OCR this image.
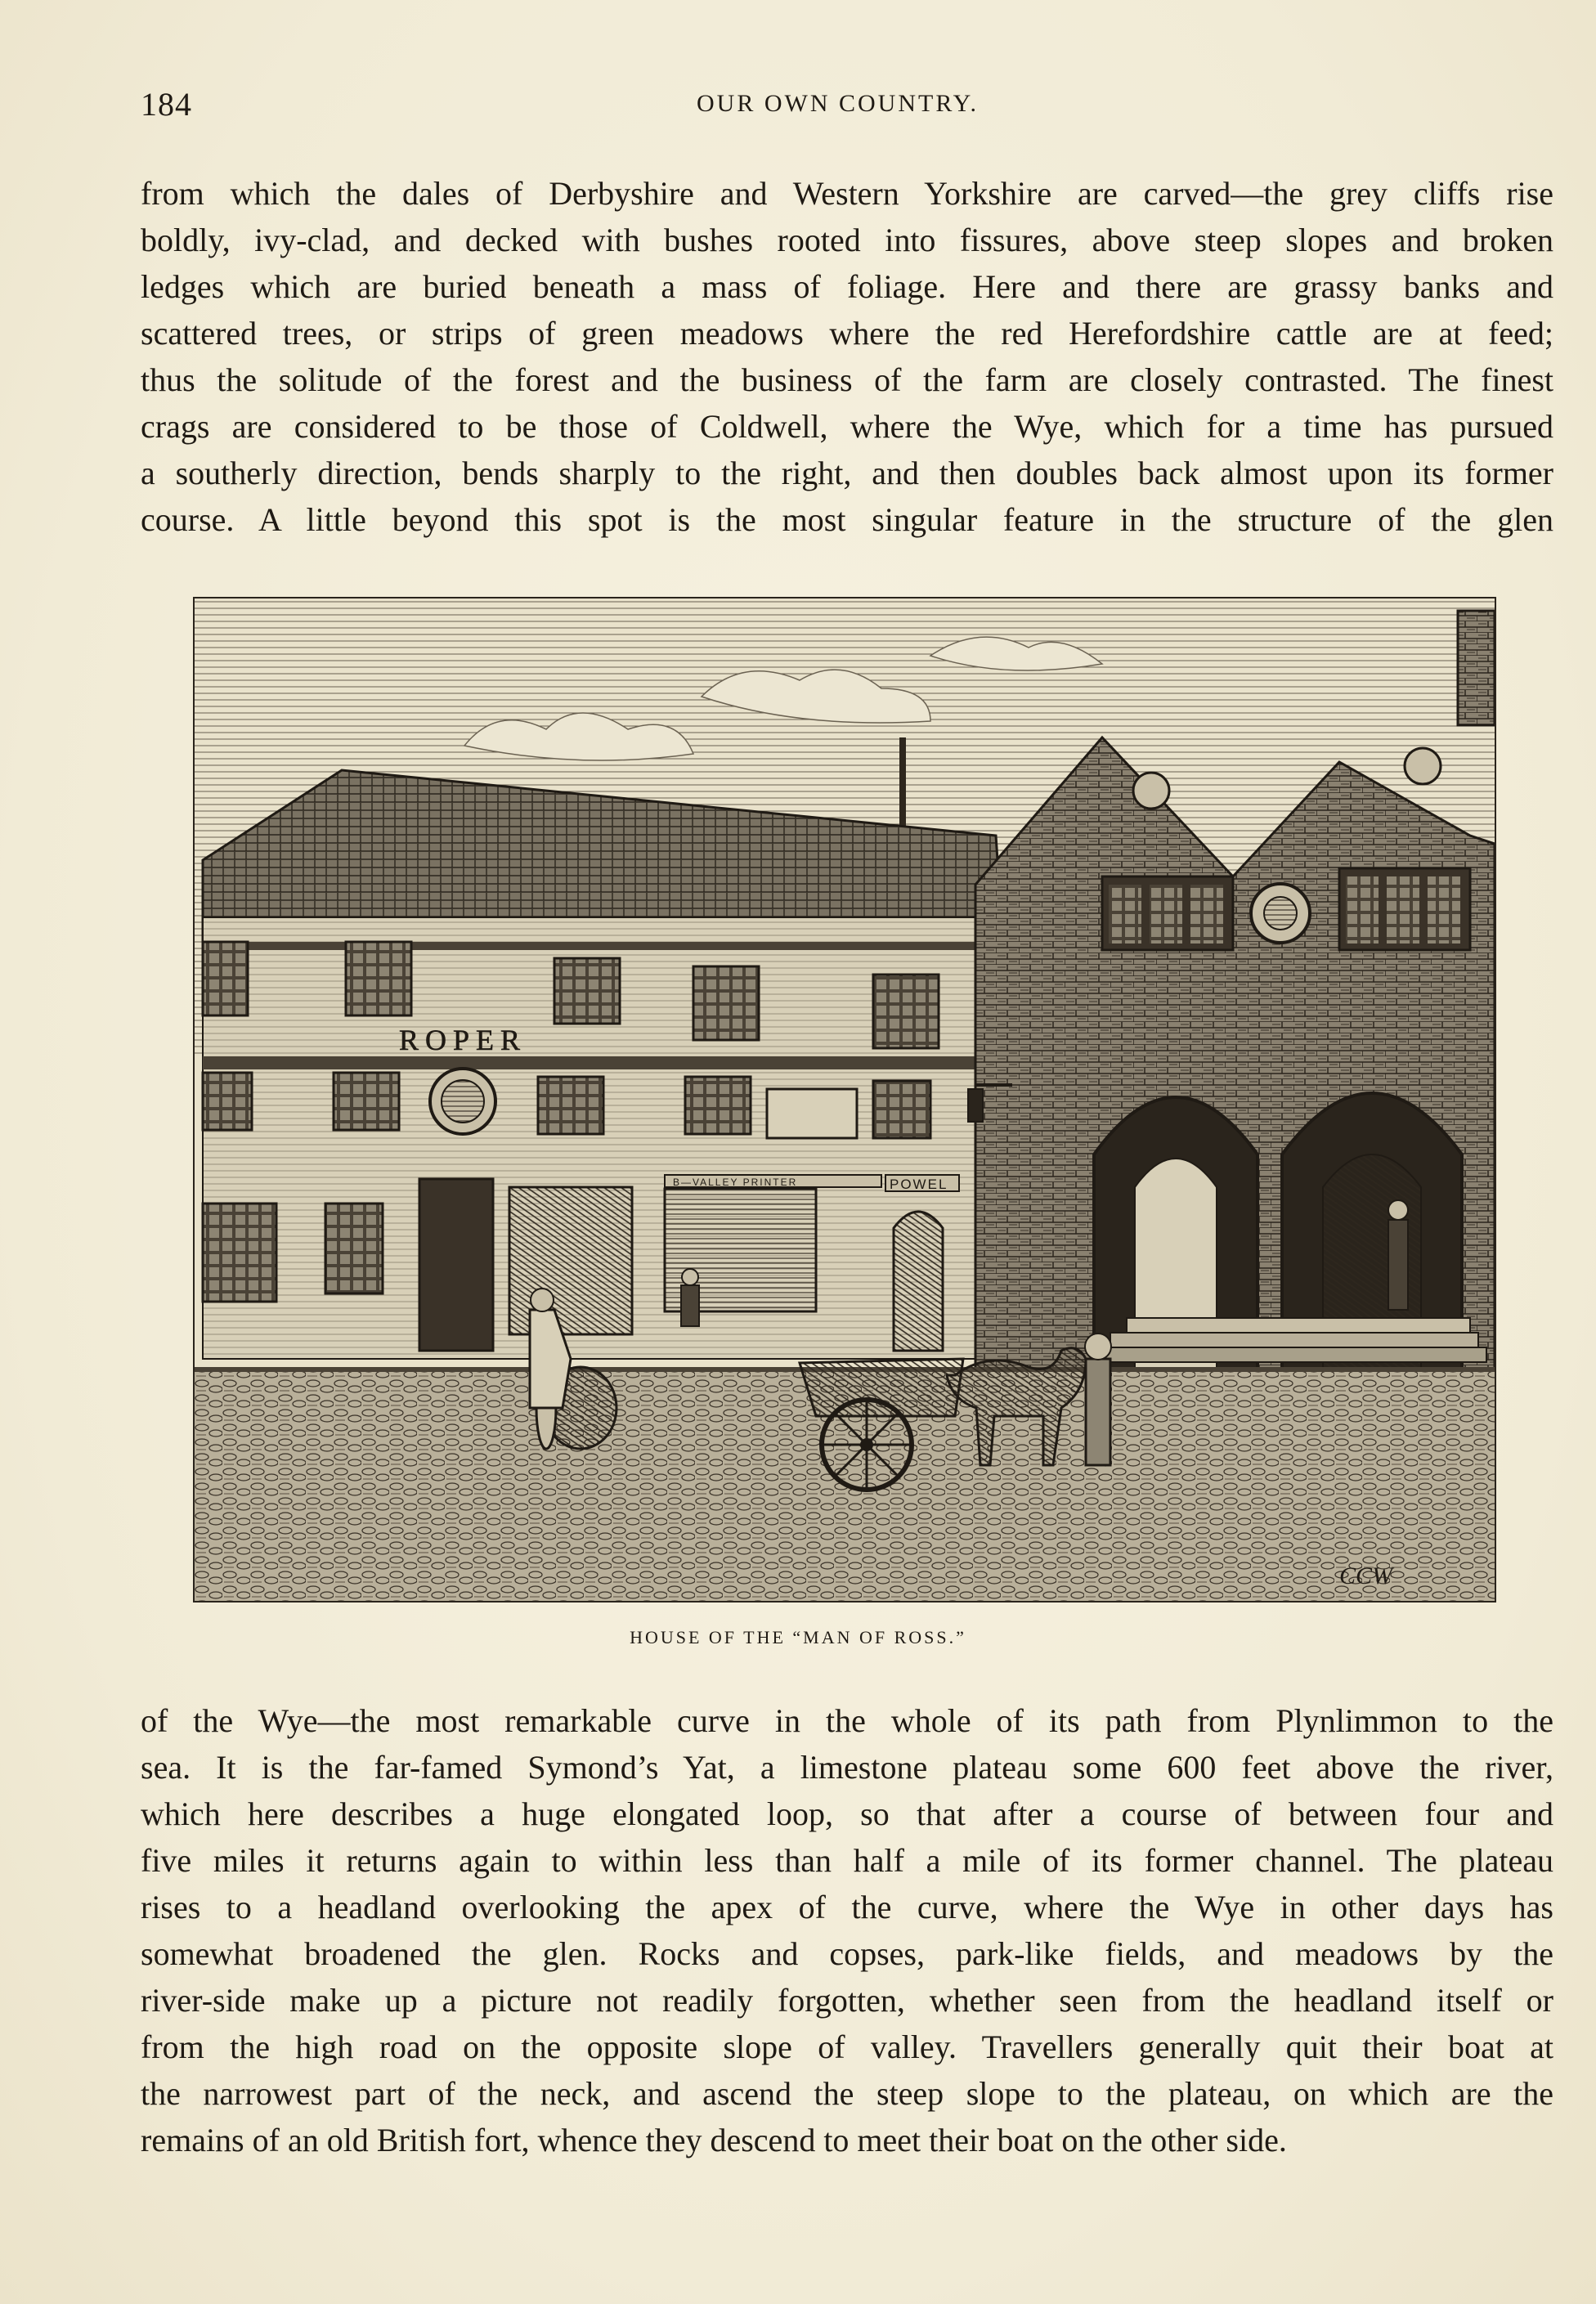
184	OUR OWN COUNTRY.
from which the dales of Derbyshire and Western Yorkshire are carved—the grey cliffs rise
boldly, ivy-clad, and decked with bushes rooted into fissures, above steep slopes and broken
ledges which are buried beneath a mass of foliage. Here and there are grassy banks and
scattered trees, or strips of green meadows where the red Herefordshire cattle are at feed;
thus the solitude of the forest and the business of the farm are closely contrasted. The finest
crags are considered to be those of Coldwell, where the Wye, which for a time has pursued
a southerly direction, bends sharply to the right, and then doubles back almost upon its former
course. A little beyond this spot is the most singular feature in the structure of the glen
ROPER
B—VALLEY PRINTER	POWEL
CCW
HOUSE OF THE “MAN OF ROSS.”
of the Wye—the most remarkable curve in the whole of its path from Plynlimmon to the
sea. It is the far-famed Symond’s Yat, a limestone plateau some 600 feet above the river,
which here describes a huge elongated loop, so that after a course of between four and
five miles it returns again to within less than half a mile of its former channel. The plateau
rises to a headland overlooking the apex of the curve, where the Wye in other days has
somewhat broadened the glen. Rocks and copses, park-like fields, and meadows by the
river-side make up a picture not readily forgotten, whether seen from the headland itself or
from the high road on the opposite slope of valley. Travellers generally quit their boat at
the narrowest part of the neck, and ascend the steep slope to the plateau, on which are the
remains of an old British fort, whence they descend to meet their boat on the other side.
